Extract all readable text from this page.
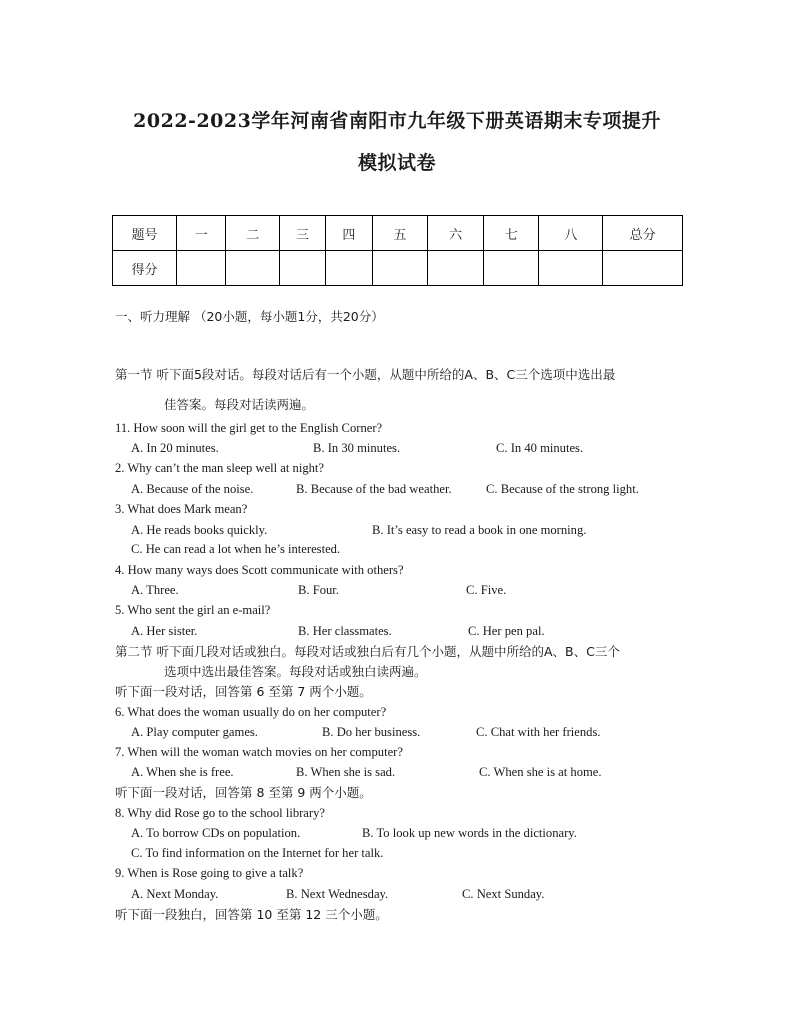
2022-2023学年河南省南阳市九年级下册英语期末专项提升
模拟试卷
题号	一	二	三	四	五	六	七	八	总分
得分									
一、听力理解 （20小题，每小题1分，共20分）
第一节 听下面5段对话。每段对话后有一个小题，从题中所给的A、B、C三个选项中选出最
佳答案。每段对话读两遍。
11. How soon will the girl get to the English Corner?
A. In 20 minutes.	B. In 30 minutes.	C. In 40 minutes.
2. Why can’t the man sleep well at night?
A. Because of the noise.	B. Because of the bad weather.	C. Because of the strong light.
3. What does Mark mean?
A. He reads books quickly.	B. It’s easy to read a book in one morning.
C. He can read a lot when he’s interested.
4. How many ways does Scott communicate with others?
A. Three.	B. Four.	C. Five.
5. Who sent the girl an e-mail?
A. Her sister.	B. Her classmates.	C. Her pen pal.
第二节 听下面几段对话或独白。每段对话或独白后有几个小题，从题中所给的A、B、C三个
选项中选出最佳答案。每段对话或独白读两遍。
听下面一段对话，回答第 6 至第 7 两个小题。
6. What does the woman usually do on her computer?
A. Play computer games.	B. Do her business.	C. Chat with her friends.
7. When will the woman watch movies on her computer?
A. When she is free.	B. When she is sad.	C. When she is at home.
听下面一段对话，回答第 8 至第 9 两个小题。
8. Why did Rose go to the school library?
A. To borrow CDs on population.	B. To look up new words in the dictionary.
C. To find information on the Internet for her talk.
9. When is Rose going to give a talk?
A. Next Monday.	B. Next Wednesday.	C. Next Sunday.
听下面一段独白，回答第 10 至第 12 三个小题。
